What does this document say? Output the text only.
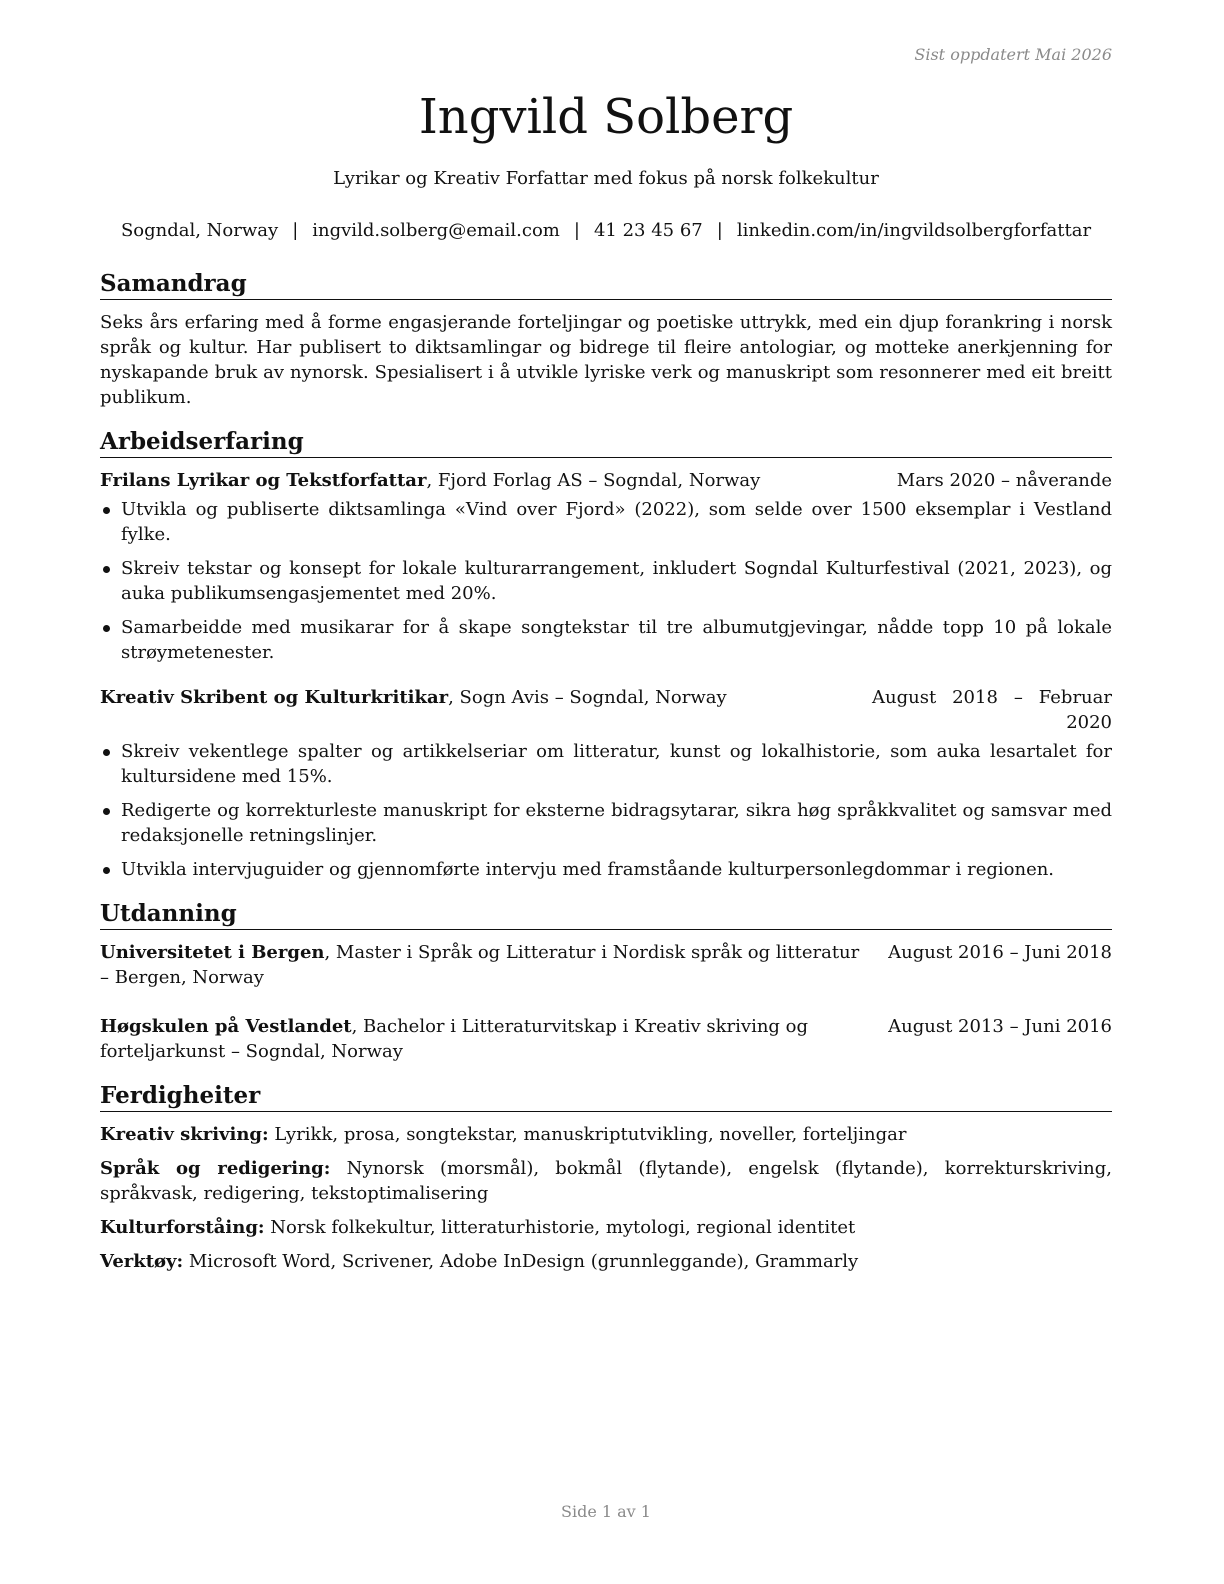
Sist oppdatert Mai 2026
Ingvild Solberg
Lyrikar og Kreativ Forfattar med fokus på norsk folkekultur
Sogndal, Norway | ingvild.solberg@email.com | 41 23 45 67 | linkedin.com/in/ingvildsolbergforfattar
Samandrag

Seks års erfaring med å forme engasjerande forteljingar og poetiske uttrykk, med ein djup forankring i norsk språk og kultur. Har publisert to diktsamlingar og bidrege til fleire antologiar, og motteke anerkjenning for nyskapande bruk av nynorsk. Spesialisert i å utvikle lyriske verk og manuskript som resonnerer med eit breitt publikum.

Arbeidserfaring
Frilans Lyrikar og Tekstforfattar, Fjord Forlag AS – Sogndal, Norway	Mars 2020 – nåverande
Utvikla og publiserte diktsamlinga «Vind over Fjord» (2022), som selde over 1500 eksemplar i Vestland fylke.
Skreiv tekstar og konsept for lokale kulturarrangement, inkludert Sogndal Kulturfestival (2021, 2023), og auka publikumsengasjementet med 20%.
Samarbeidde med musikarar for å skape songtekstar til tre albumutgjevingar, nådde topp 10 på lokale strøymetenester.
Kreativ Skribent og Kulturkritikar, Sogn Avis – Sogndal, Norway	August 2018 – Februar 2020
Skreiv vekentlege spalter og artikkelseriar om litteratur, kunst og lokalhistorie, som auka lesartalet for kultursidene med 15%.
Redigerte og korrekturleste manuskript for eksterne bidragsytarar, sikra høg språkkvalitet og samsvar med redaksjonelle retningslinjer.
Utvikla intervjuguider og gjennomførte intervju med framståande kulturpersonlegdommar i regionen.
Utdanning
Universitetet i Bergen, Master i Språk og Litteratur i Nordisk språk og litteratur – Bergen, Norway
August 2016 – Juni 2018
Høgskulen på Vestlandet, Bachelor i Litteraturvitskap i Kreativ skriving og forteljarkunst – Sogndal, Norway
August 2013 – Juni 2016
Ferdigheiter
Kreativ skriving: Lyrikk, prosa, songtekstar, manuskriptutvikling, noveller, forteljingar
Språk og redigering: Nynorsk (morsmål), bokmål (flytande), engelsk (flytande), korrekturskriving, språkvask, redigering, tekstoptimalisering
Kulturforståing: Norsk folkekultur, litteraturhistorie, mytologi, regional identitet
Verktøy: Microsoft Word, Scrivener, Adobe InDesign (grunnleggande), Grammarly
Side 1 av 1
